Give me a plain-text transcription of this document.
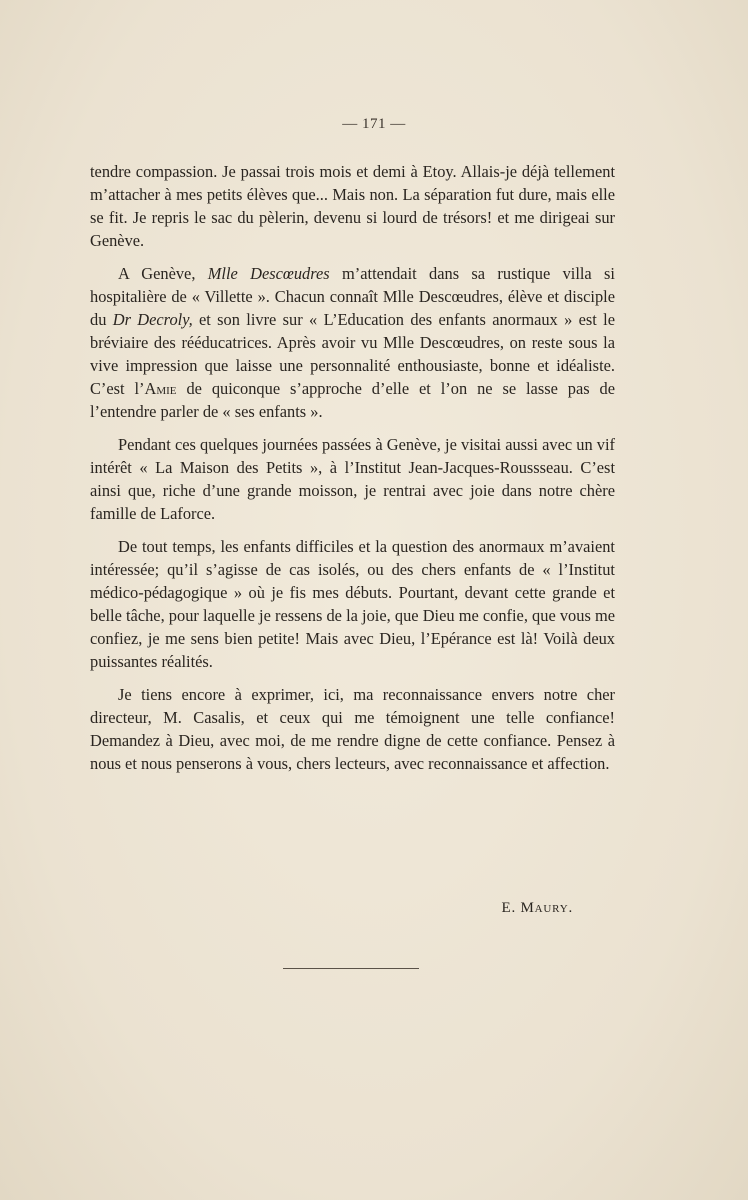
— 171 —

tendre compassion. Je passai trois mois et demi à Etoy. Allais-je déjà tellement m’attacher à mes petits élèves que... Mais non. La séparation fut dure, mais elle se fit. Je repris le sac du pèlerin, devenu si lourd de trésors! et me dirigeai sur Genève.

A Genève, Mlle Descœudres m’attendait dans sa rustique villa si hospitalière de « Villette ». Chacun connaît Mlle Descœudres, élève et disciple du Dr Decroly, et son livre sur « L’Education des enfants anormaux » est le bréviaire des rééducatrices. Après avoir vu Mlle Descœudres, on reste sous la vive impression que laisse une personnalité enthousiaste, bonne et idéaliste. C’est l’Amie de quiconque s’approche d’elle et l’on ne se lasse pas de l’entendre parler de « ses enfants ».

Pendant ces quelques journées passées à Genève, je visitai aussi avec un vif intérêt « La Maison des Petits », à l’Institut Jean-Jacques-Roussseau. C’est ainsi que, riche d’une grande moisson, je rentrai avec joie dans notre chère famille de Laforce.

De tout temps, les enfants difficiles et la question des anormaux m’avaient intéressée; qu’il s’agisse de cas isolés, ou des chers enfants de « l’Institut médico-pédagogique » où je fis mes débuts. Pourtant, devant cette grande et belle tâche, pour laquelle je ressens de la joie, que Dieu me confie, que vous me confiez, je me sens bien petite! Mais avec Dieu, l’Epérance est là! Voilà deux puissantes réalités.

Je tiens encore à exprimer, ici, ma reconnaissance envers notre cher directeur, M. Casalis, et ceux qui me témoignent une telle confiance! Demandez à Dieu, avec moi, de me rendre digne de cette confiance. Pensez à nous et nous penserons à vous, chers lecteurs, avec reconnaissance et affection.

E. Maury.
